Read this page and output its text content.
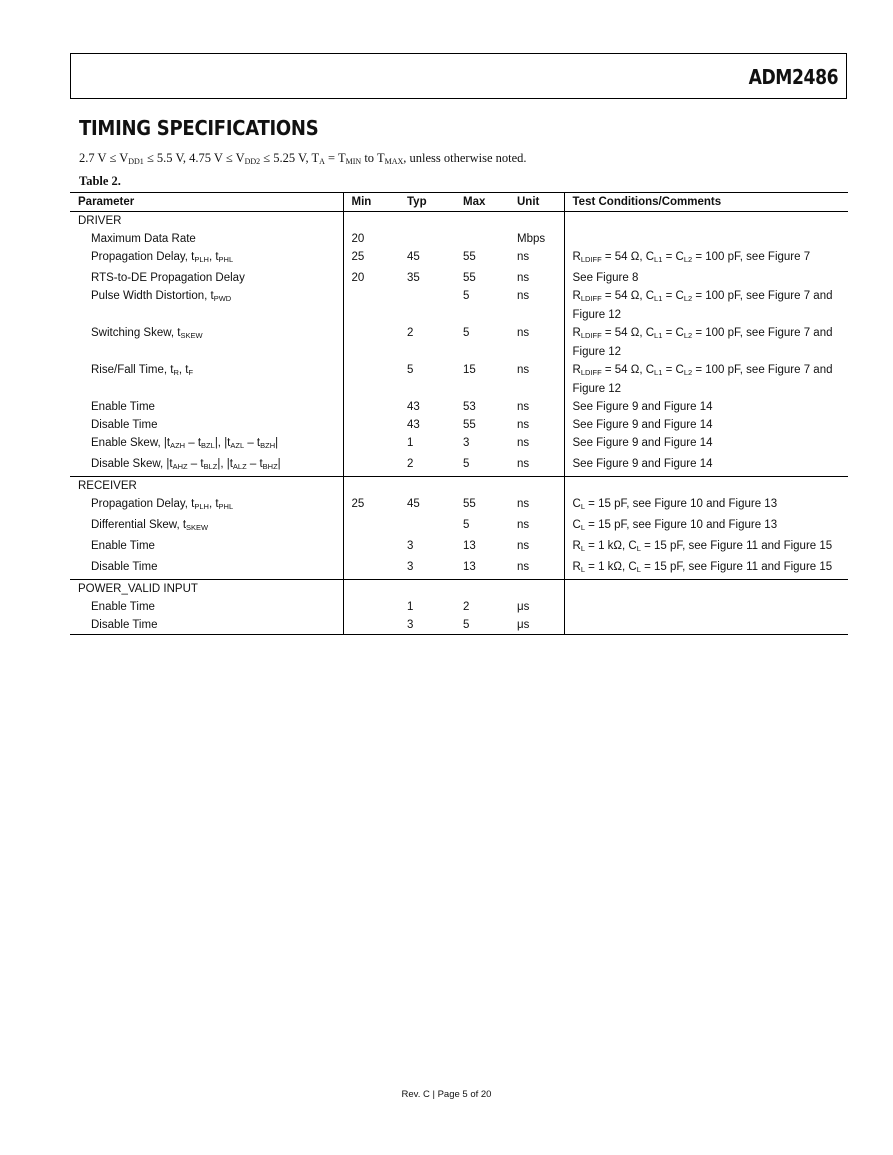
ADM2486
TIMING SPECIFICATIONS
2.7 $V \le V_{DD1} \le 5.5$ V, 4.75 $V \le V_{DD2} \le 5.25$ V, $T_A = T_{MIN}$ to $T_{MAX}$, unless otherwise noted.
Table 2.
Parameter	Min	Typ	Max	Unit	Test Conditions/Comments
DRIVER					
Maximum Data Rate	20			Mbps	
Propagation Delay, $t_{PLH}$, $t_{PHL}$	25	45	55	ns	$R_{LDIFF} = 54$ Ω, $C_{L1} = C_{L2} = 100$ pF, see Figure 7
RTS-to-DE Propagation Delay	20	35	55	ns	See Figure 8
Pulse Width Distortion, $t_{PWD}$			5	ns	$R_{LDIFF} = 54$ Ω, $C_{L1} = C_{L2} = 100$ pF, see Figure 7 and Figure 12
Switching Skew, $t_{SKEW}$		2	5	ns	$R_{LDIFF} = 54$ Ω, $C_{L1} = C_{L2} = 100$ pF, see Figure 7 and Figure 12
Rise/Fall Time, $t_R$, $t_F$		5	15	ns	$R_{LDIFF} = 54$ Ω, $C_{L1} = C_{L2} = 100$ pF, see Figure 7 and Figure 12
Enable Time		43	53	ns	See Figure 9 and Figure 14
Disable Time		43	55	ns	See Figure 9 and Figure 14
Enable Skew, $|t_{AZH} - t_{BZL}|$, $|t_{AZL} - t_{BZH}|$		1	3	ns	See Figure 9 and Figure 14
Disable Skew, $|t_{AHZ} - t_{BLZ}|$, $|t_{ALZ} - t_{BHZ}|$		2	5	ns	See Figure 9 and Figure 14
RECEIVER					
Propagation Delay, $t_{PLH}$, $t_{PHL}$	25	45	55	ns	$C_L = 15$ pF, see Figure 10 and Figure 13
Differential Skew, $t_{SKEW}$			5	ns	$C_L = 15$ pF, see Figure 10 and Figure 13
Enable Time		3	13	ns	$R_L = 1$ kΩ, $C_L = 15$ pF, see Figure 11 and Figure 15
Disable Time		3	13	ns	$R_L = 1$ kΩ, $C_L = 15$ pF, see Figure 11 and Figure 15
POWER_VALID INPUT					
Enable Time		1	2	μs	
Disable Time		3	5	μs	
Rev. C | Page 5 of 20
